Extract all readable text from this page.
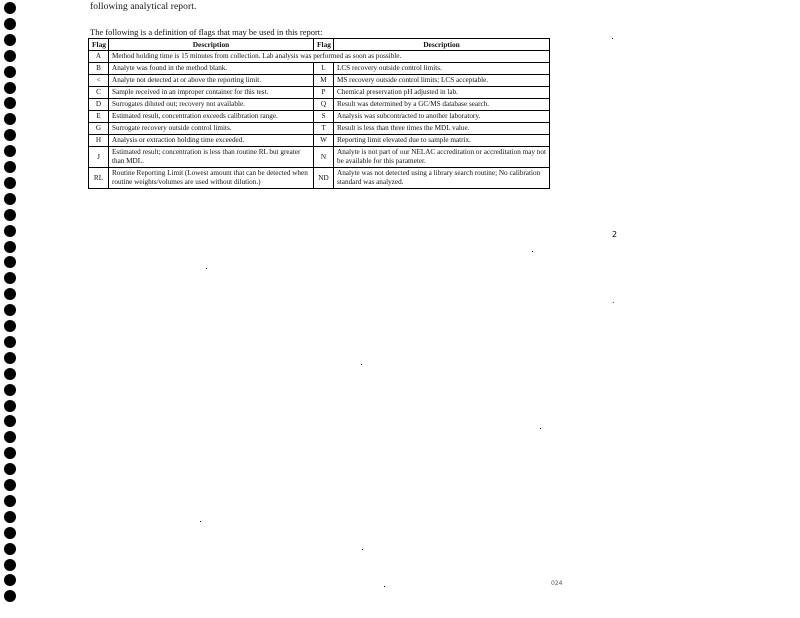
following analytical report.
The following is a definition of flags that may be used in this report:
Flag	Description	Flag	Description
A	Method holding time is 15 minutes from collection. Lab analysis was performed as soon as possible.		
B	Analyte was found in the method blank.	L	LCS recovery outside control limits.
<	Analyte not detected at or above the reporting limit.	M	MS recovery outside control limits; LCS acceptable.
C	Sample received in an improper container for this test.	P	Chemical preservation pH adjusted in lab.
D	Surrogates diluted out; recovery not available.	Q	Result was determined by a GC/MS database search.
E	Estimated result, concentration exceeds calibration range.	S	Analysis was subcontracted to another laboratory.
G	Surrogate recovery outside control limits.	T	Result is less than three times the MDL value.
H	Analysis or extraction holding time exceeded.	W	Reporting limit elevated due to sample matrix.
J	Estimated result; concentration is less than routine RL but greater than MDL.	N	Analyte is not part of our NELAC accreditation or accreditation may not be available for this parameter.
RL	Routine Reporting Limit (Lowest amount that can be detected when routine weights/volumes are used without dilution.)	ND	Analyte was not detected using a library search routine; No calibration standard was analyzed.
024
2
.
